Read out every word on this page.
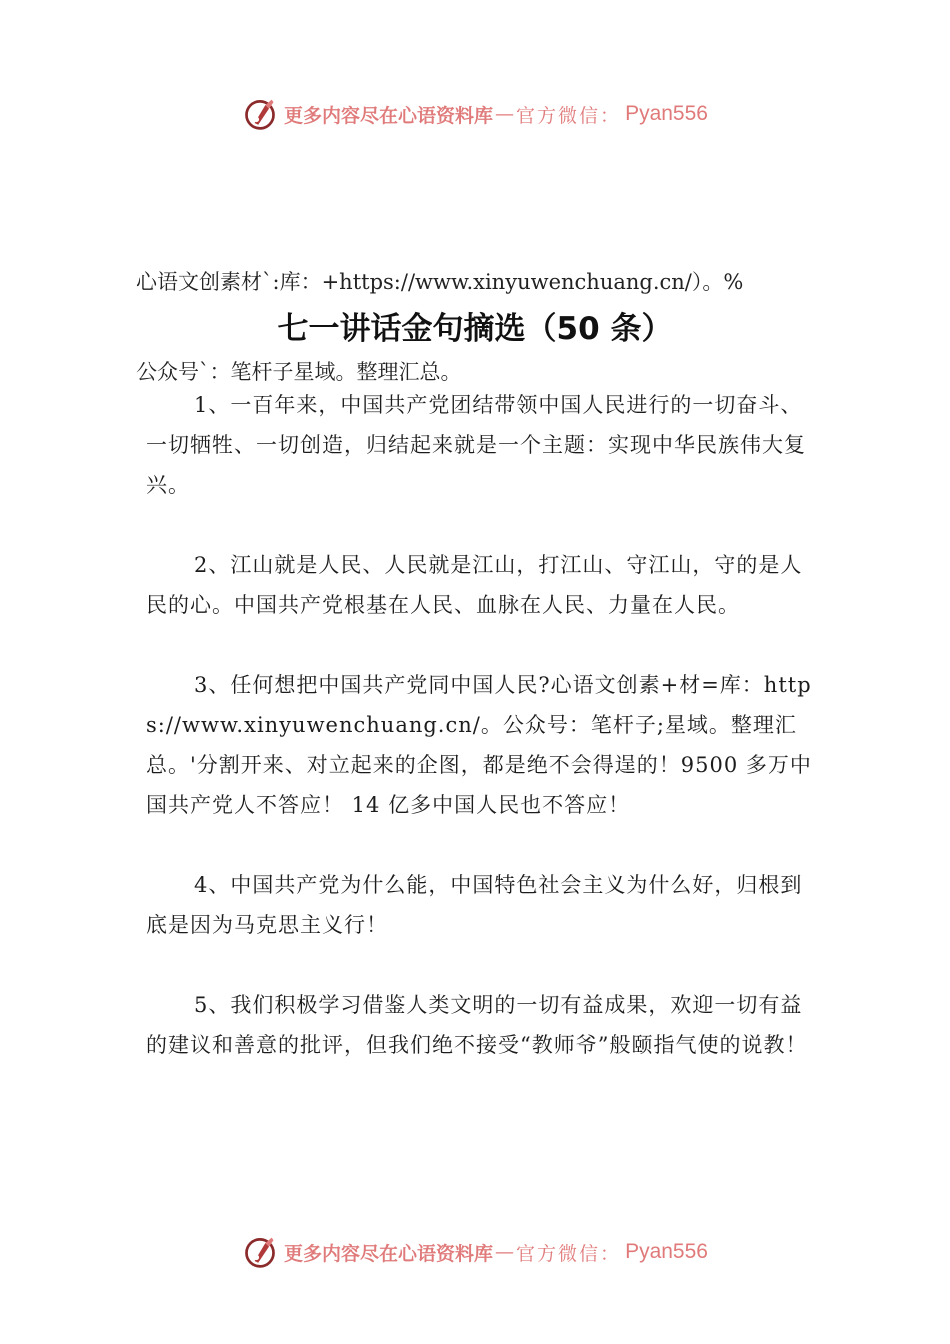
更多内容尽在心语资料库 — 官方微信： Pyan556

心语文创素材`:库：+https://www.xinyuwenchuang.cn/）。%

公众号`：笔杆子星域。整理汇总。

七一讲话金句摘选（50 条）

1、一百年来，中国共产党团结带领中国人民进行的一切奋斗、一切牺牲、一切创造，归结起来就是一个主题：实现中华民族伟大复兴。

2、江山就是人民、人民就是江山，打江山、守江山，守的是人民的心。中国共产党根基在人民、血脉在人民、力量在人民。

3、任何想把中国共产党同中国人民?心语文创素+材=库：https://www.xinyuwenchuang.cn/。公众号：笔杆子;星域。整理汇总。'分割开来、对立起来的企图，都是绝不会得逞的！9500 多万中国共产党人不答应！ 14 亿多中国人民也不答应！

4、中国共产党为什么能，中国特色社会主义为什么好，归根到底是因为马克思主义行！

5、我们积极学习借鉴人类文明的一切有益成果，欢迎一切有益的建议和善意的批评，但我们绝不接受“教师爷”般颐指气使的说教！

更多内容尽在心语资料库 — 官方微信： Pyan556
